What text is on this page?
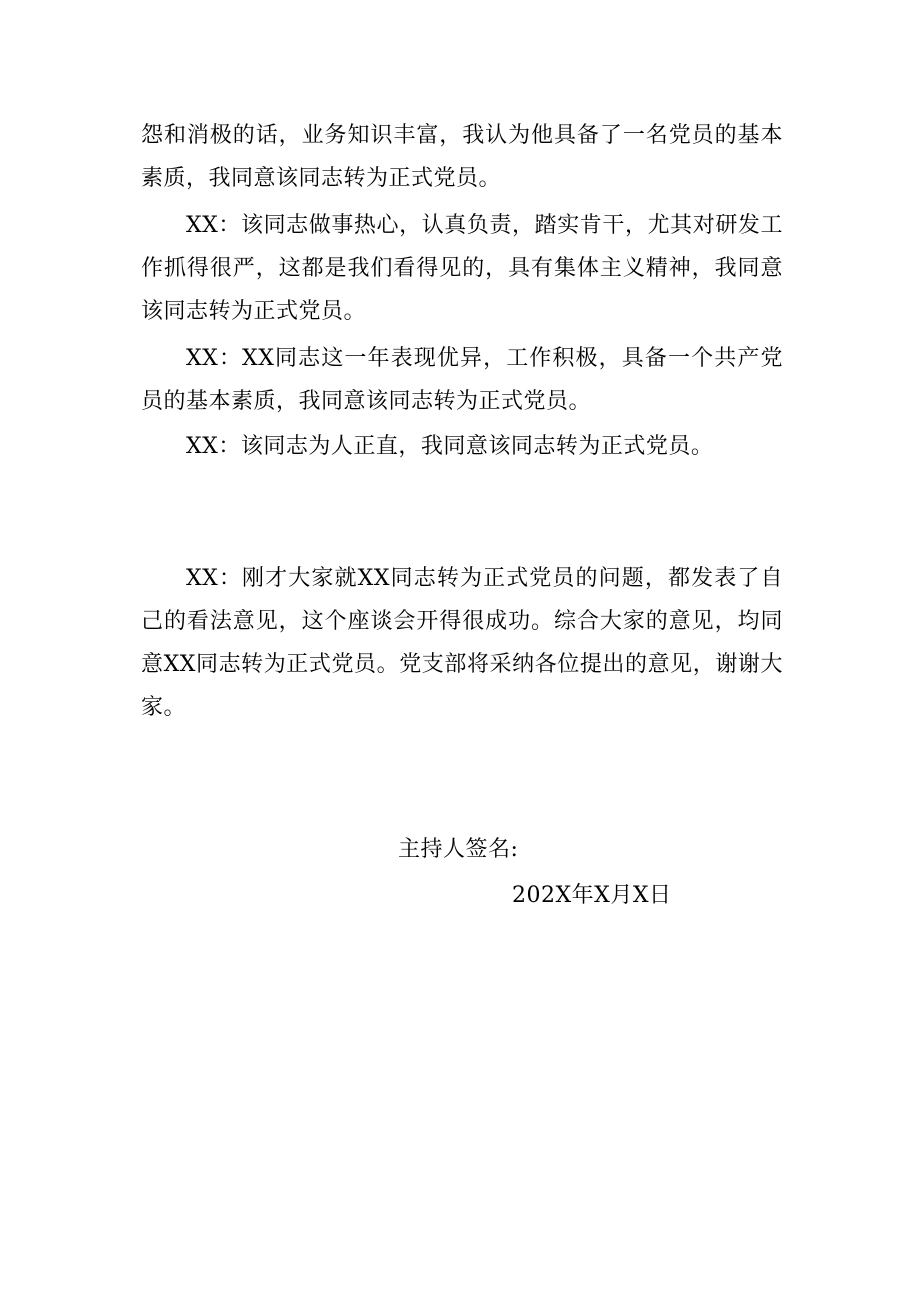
怨和消极的话，业务知识丰富，我认为他具备了一名党员的基本素质，我同意该同志转为正式党员。

XX：该同志做事热心，认真负责，踏实肯干，尤其对研发工作抓得很严，这都是我们看得见的，具有集体主义精神，我同意该同志转为正式党员。

XX：XX同志这一年表现优异，工作积极，具备一个共产党员的基本素质，我同意该同志转为正式党员。

XX：该同志为人正直，我同意该同志转为正式党员。

XX：刚才大家就XX同志转为正式党员的问题，都发表了自己的看法意见，这个座谈会开得很成功。综合大家的意见，均同意XX同志转为正式党员。党支部将采纳各位提出的意见，谢谢大家。

主持人签名:

202X年X月X日
